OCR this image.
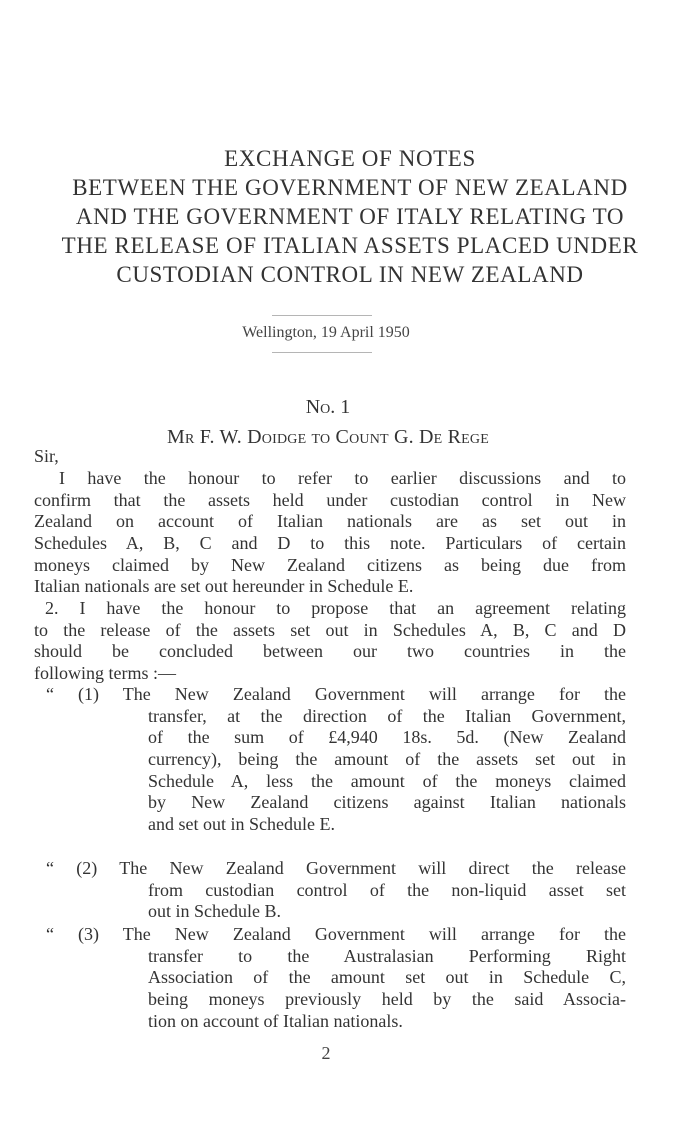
EXCHANGE OF NOTES
BETWEEN THE GOVERNMENT OF NEW ZEALAND
AND THE GOVERNMENT OF ITALY RELATING TO
THE RELEASE OF ITALIAN ASSETS PLACED UNDER
CUSTODIAN CONTROL IN NEW ZEALAND
Wellington, 19 April 1950
No. 1
Mr F. W. Doidge to Count G. De Rege
Sir,
I have the honour to refer to earlier discussions and to
confirm that the assets held under custodian control in New
Zealand on account of Italian nationals are as set out in
Schedules A, B, C and D to this note. Particulars of certain
moneys claimed by New Zealand citizens as being due from
Italian nationals are set out hereunder in Schedule E.
2. I have the honour to propose that an agreement relating
to the release of the assets set out in Schedules A, B, C and D
should be concluded between our two countries in the
following terms :—
“ (1) The New Zealand Government will arrange for the
transfer, at the direction of the Italian Government,
of the sum of £4,940 18s. 5d. (New Zealand
currency), being the amount of the assets set out in
Schedule A, less the amount of the moneys claimed
by New Zealand citizens against Italian nationals
and set out in Schedule E.
“ (2) The New Zealand Government will direct the release
from custodian control of the non-liquid asset set
out in Schedule B.
“ (3) The New Zealand Government will arrange for the
transfer to the Australasian Performing Right
Association of the amount set out in Schedule C,
being moneys previously held by the said Associa-
tion on account of Italian nationals.
2
